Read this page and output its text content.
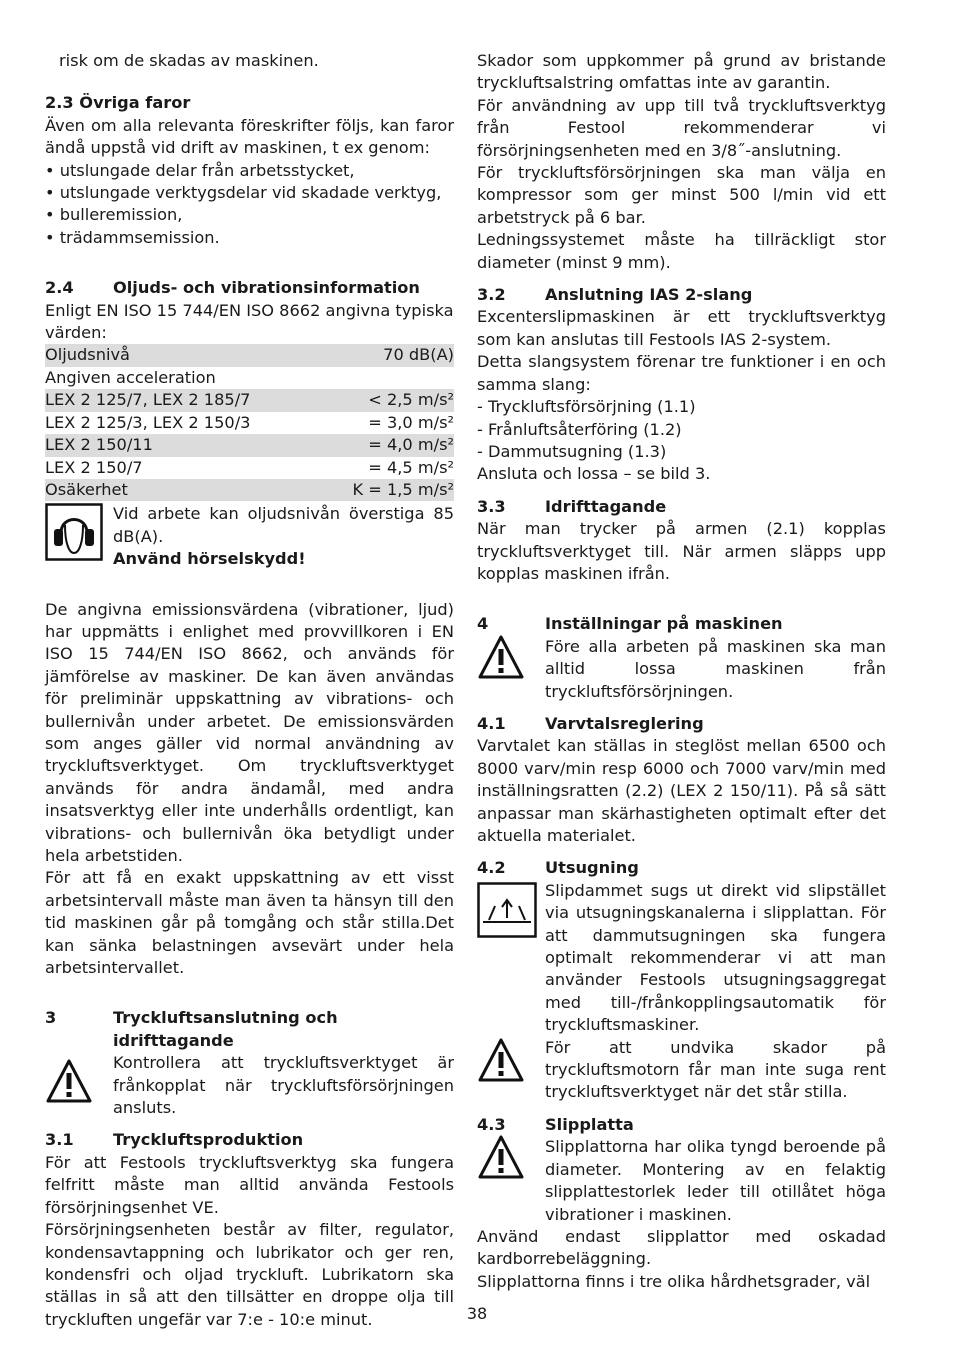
risk om de skadas av maskinen.

2.3 Övriga faror

Även om alla relevanta föreskrifter följs, kan faror ändå uppstå vid drift av maskinen, t ex genom:

• utslungade delar från arbetsstycket,

• utslungade verktygsdelar vid skadade verktyg,

• bulleremission,

• trädammsemission.

2.4	Oljuds- och vibrationsinformation

Enligt EN ISO 15 744/EN ISO 8662 angivna typiska värden:

Oljudsnivå	70 dB(A)
Angiven acceleration
LEX 2 125/7, LEX 2 185/7	< 2,5 m/s²
LEX 2 125/3, LEX 2 150/3	= 3,0 m/s²
LEX 2 150/11	= 4,0 m/s²
LEX 2 150/7	= 4,5 m/s²
Osäkerhet	K = 1,5 m/s²

Vid arbete kan oljudsnivån överstiga 85 dB(A).

Använd hörselskydd!

De angivna emissionsvärdena (vibrationer, ljud) har uppmätts i enlighet med provvillkoren i EN ISO 15 744/EN ISO 8662, och används för jämförelse av maskiner. De kan även användas för preliminär uppskattning av vibrations- och bullernivån under arbetet. De emissionsvärden som anges gäller vid normal användning av tryckluftsverktyget. Om tryckluftsverktyget används för andra ändamål, med andra insatsverktyg eller inte underhålls ordentligt, kan vibrations- och bullernivån öka betydligt under hela arbetstiden.

För att få en exakt uppskattning av ett visst arbetsintervall måste man även ta hänsyn till den tid maskinen går på tomgång och står stilla.Det kan sänka belastningen avsevärt under hela arbetsintervallet.

3	Tryckluftsanslutning och idrifttagande

Kontrollera att tryckluftsverktyget är frånkopplat när tryckluftsförsörjningen ansluts.

3.1	Tryckluftsproduktion

För att Festools tryckluftsverktyg ska fungera felfritt måste man alltid använda Festools försörjningsenhet VE.

Försörjningsenheten består av filter, regulator, kondensavtappning och lubrikator och ger ren, kondensfri och oljad tryckluft. Lubrikatorn ska ställas in så att den tillsätter en droppe olja till tryckluften ungefär var 7:e - 10:e minut.

Skador som uppkommer på grund av bristande tryckluftsalstring omfattas inte av garantin.

För användning av upp till två tryckluftsverktyg från Festool rekommenderar vi försörjningsenheten med en 3/8˝-anslutning.

För tryckluftsförsörjningen ska man välja en kompressor som ger minst 500 l/min vid ett arbetstryck på 6 bar.

Ledningssystemet måste ha tillräckligt stor diameter (minst 9 mm).

3.2	Anslutning IAS 2-slang

Excenterslipmaskinen är ett tryckluftsverktyg som kan anslutas till Festools IAS 2-system.

Detta slangsystem förenar tre funktioner i en och samma slang:

- Tryckluftsförsörjning (1.1)

- Frånluftsåterföring (1.2)

- Dammutsugning (1.3)

Ansluta och lossa – se bild 3.

3.3	Idrifttagande

När man trycker på armen (2.1) kopplas tryckluftsverktyget till. När armen släpps upp kopplas maskinen ifrån.

4	Inställningar på maskinen

Före alla arbeten på maskinen ska man alltid lossa maskinen från tryckluftsförsörjningen.

4.1	Varvtalsreglering

Varvtalet kan ställas in steglöst mellan 6500 och 8000 varv/min resp 6000 och 7000 varv/min med inställningsratten (2.2) (LEX 2 150/11). På så sätt anpassar man skärhastigheten optimalt efter det aktuella materialet.

4.2	Utsugning

Slipdammet sugs ut direkt vid slipstället via utsugningskanalerna i slipplattan. För att dammutsugningen ska fungera optimalt rekommenderar vi att man använder Festools utsugningsaggregat med till-/frånkopplingsautomatik för tryckluftsmaskiner.

För att undvika skador på tryckluftsmotorn får man inte suga rent tryckluftsverktyget när det står stilla.

4.3	Slipplatta

Slipplattorna har olika tyngd beroende på diameter. Montering av en felaktig slipplattestorlek leder till otillåtet höga vibrationer i maskinen.

Använd endast slipplattor med oskadad kardborrebeläggning.

Slipplattorna finns i tre olika hårdhetsgrader, väl

38
